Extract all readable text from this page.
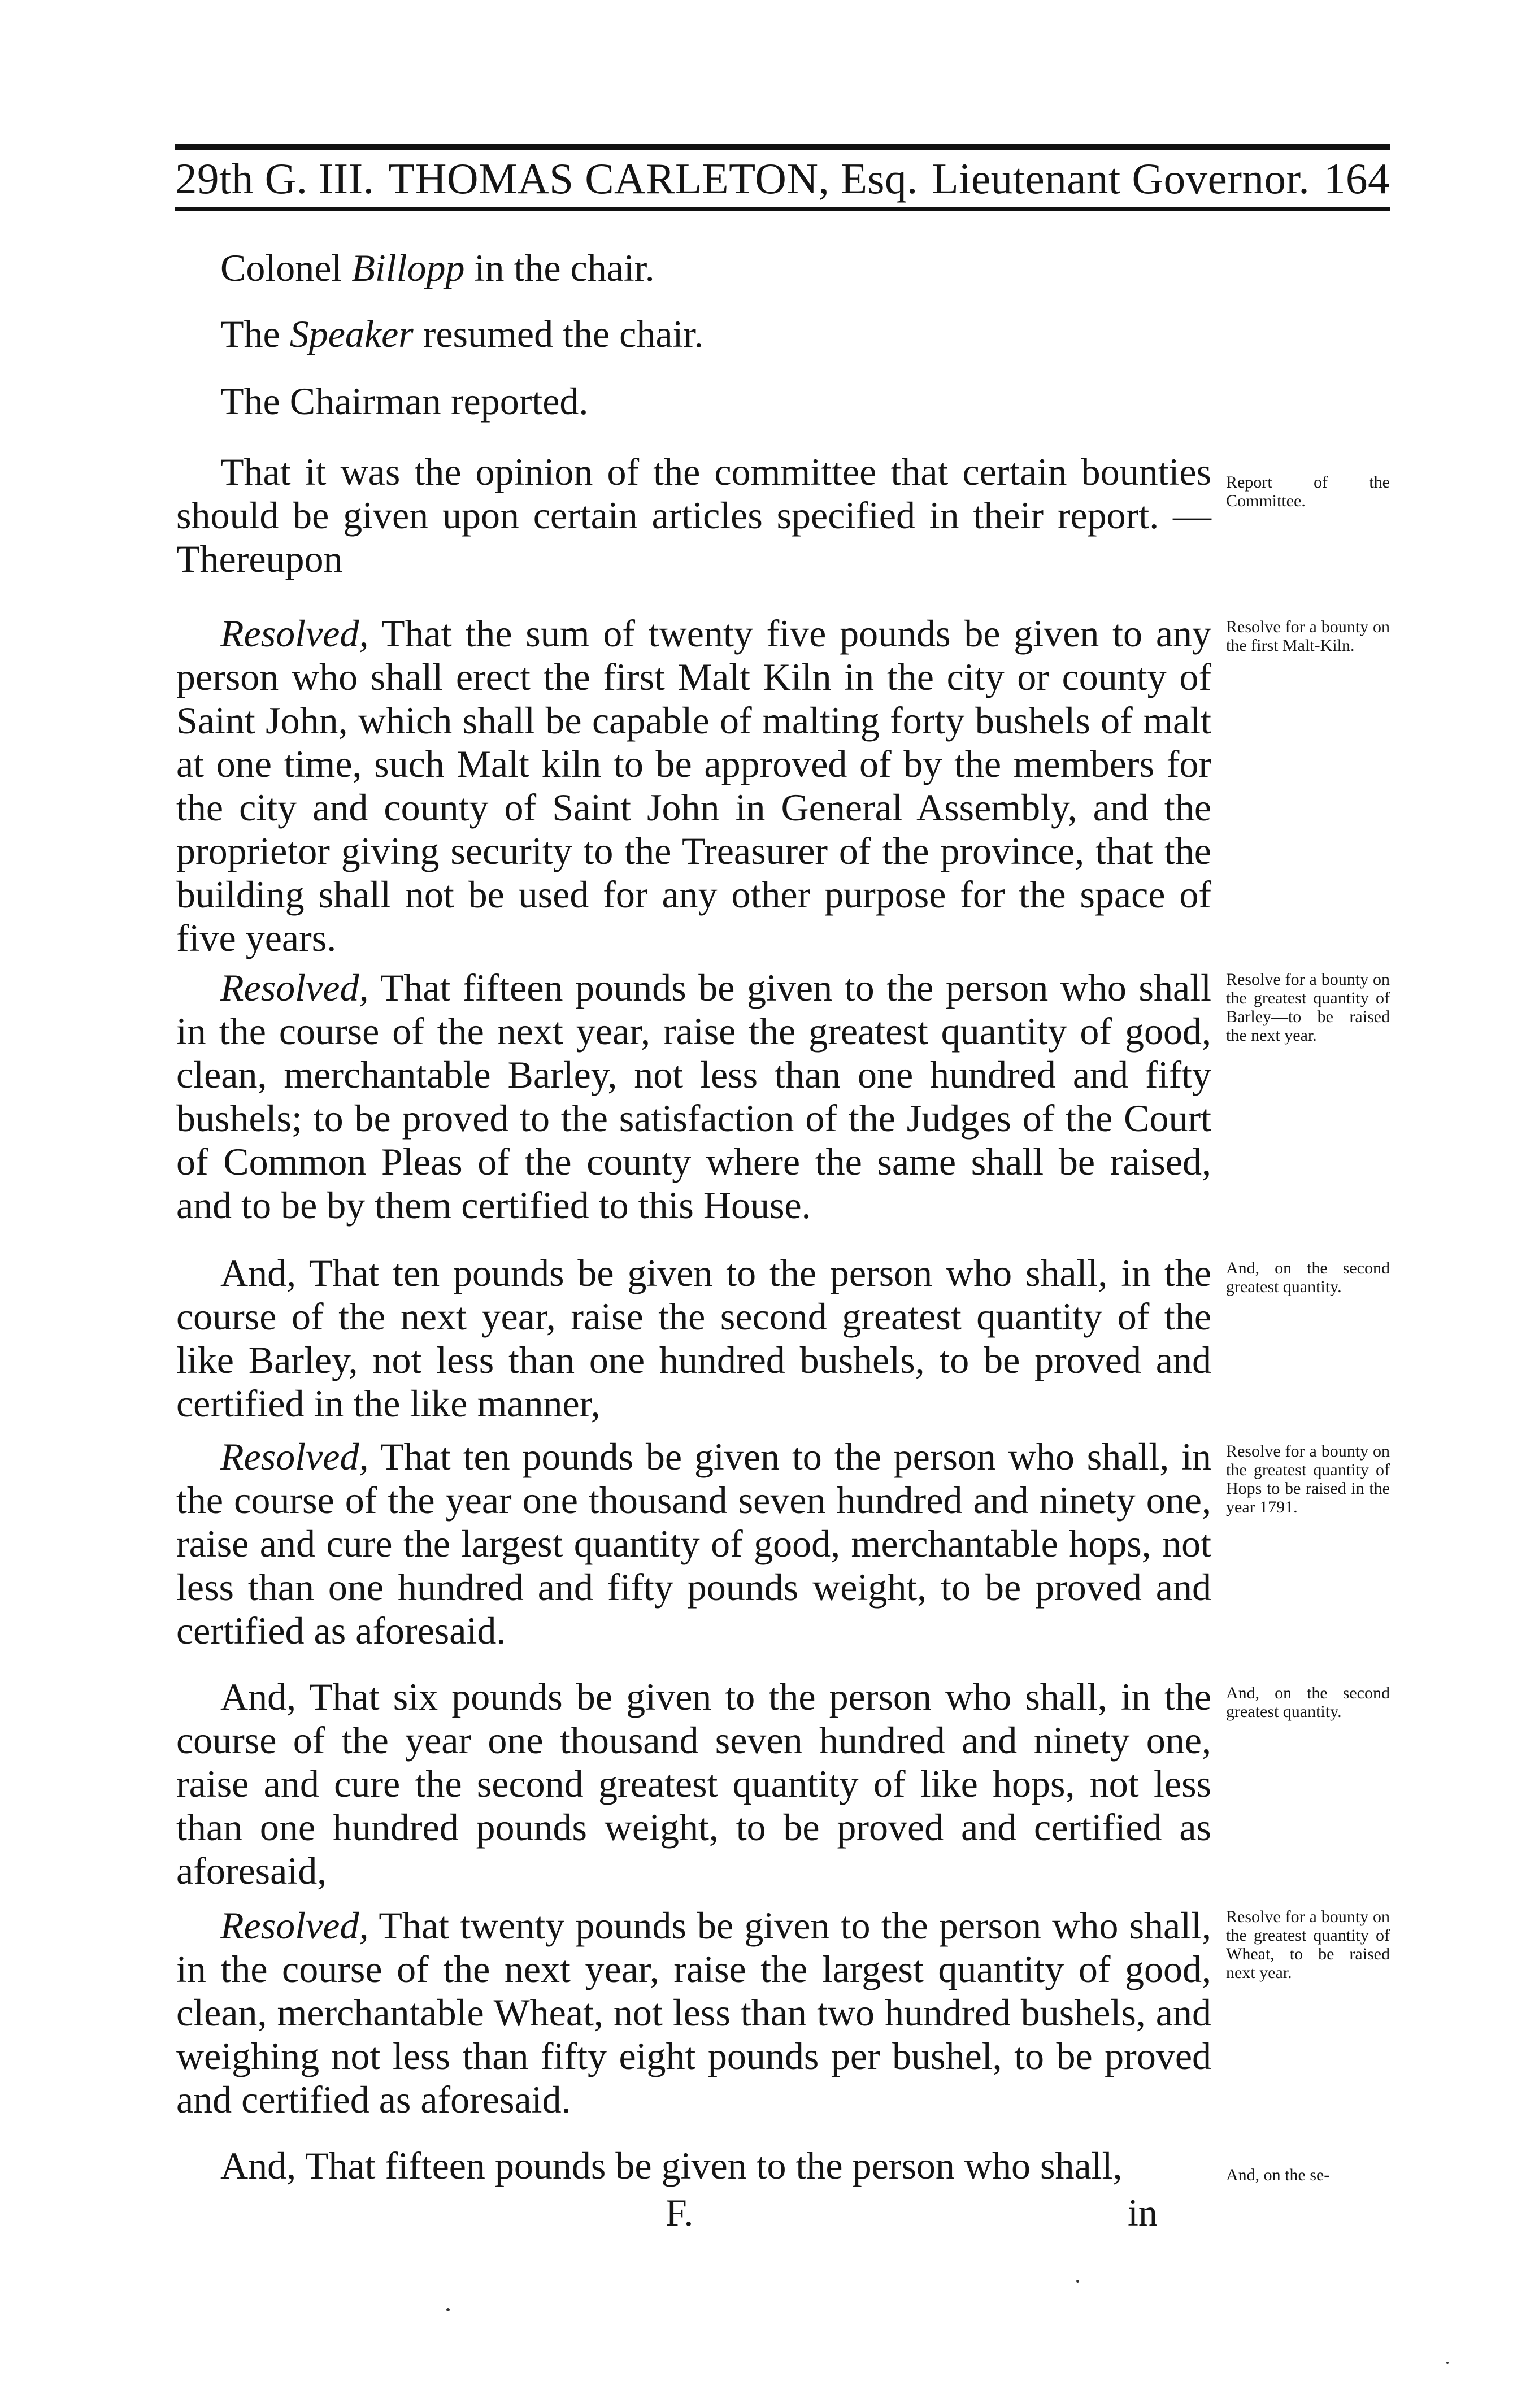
29th G. III. THOMAS CARLETON, Esq. Lieutenant Governor. 164
Colonel Billopp in the chair.
The Speaker resumed the chair.
The Chairman reported.
That it was the opinion of the committee that certain bounties should be given upon certain articles specified in their report. —Thereupon
Report of the Committee.
Resolved, That the sum of twenty five pounds be given to any person who shall erect the first Malt Kiln in the city or county of Saint John, which shall be capable of malting forty bushels of malt at one time, such Malt kiln to be approved of by the members for the city and county of Saint John in General Assembly, and the proprietor giving security to the Treasurer of the province, that the building shall not be used for any other purpose for the space of five years.
Resolve for a bounty on the first Malt-Kiln.
Resolved, That fifteen pounds be given to the person who shall in the course of the next year, raise the greatest quantity of good, clean, merchantable Barley, not less than one hundred and fifty bushels; to be proved to the satisfaction of the Judges of the Court of Common Pleas of the county where the same shall be raised, and to be by them certified to this House.
Resolve for a bounty on the greatest quantity of Barley—to be raised the next year.
And, That ten pounds be given to the person who shall, in the course of the next year, raise the second greatest quantity of the like Barley, not less than one hundred bushels, to be proved and certified in the like manner,
And, on the second greatest quantity.
Resolved, That ten pounds be given to the person who shall, in the course of the year one thousand seven hundred and ninety one, raise and cure the largest quantity of good, merchantable hops, not less than one hundred and fifty pounds weight, to be proved and certified as aforesaid.
Resolve for a bounty on the greatest quantity of Hops to be raised in the year 1791.
And, That six pounds be given to the person who shall, in the course of the year one thousand seven hundred and ninety one, raise and cure the second greatest quantity of like hops, not less than one hundred pounds weight, to be proved and certified as aforesaid,
And, on the second greatest quantity.
Resolved, That twenty pounds be given to the person who shall, in the course of the next year, raise the largest quantity of good, clean, merchantable Wheat, not less than two hundred bushels, and weighing not less than fifty eight pounds per bushel, to be proved and certified as aforesaid.
Resolve for a bounty on the greatest quantity of Wheat, to be raised next year.
And, That fifteen pounds be given to the person who shall,	And, on the se-
F.	in
